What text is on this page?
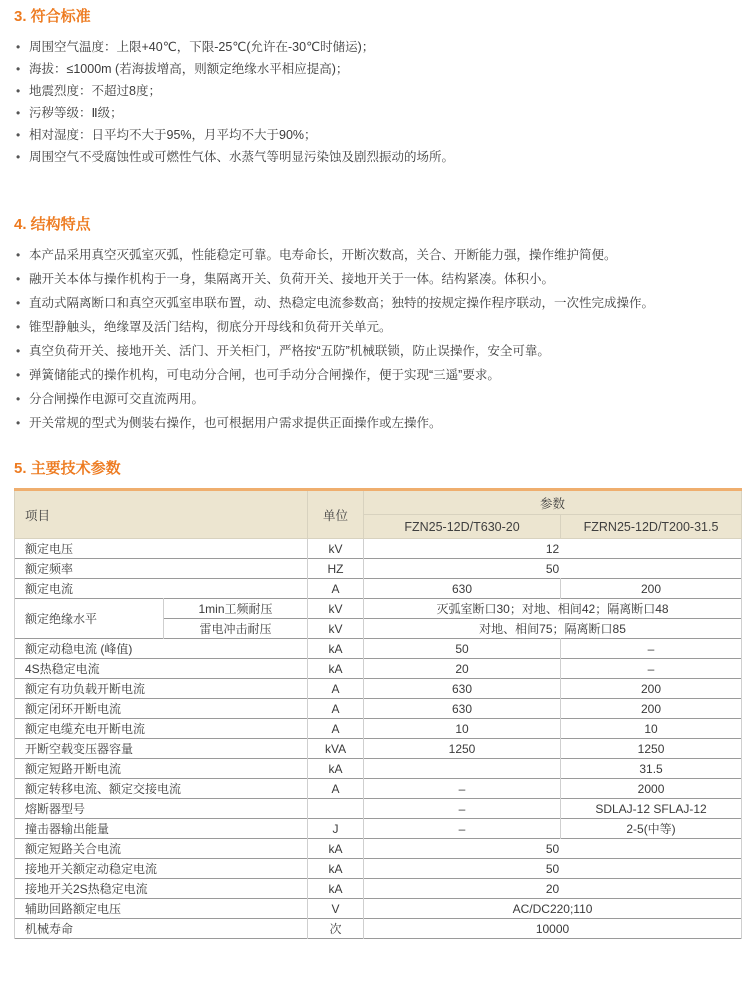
3. 符合标准
• 周围空气温度：上限+40℃，下限-25℃(允许在-30℃时储运)；
• 海拔：≤1000m (若海拔增高，则额定绝缘水平相应提高)；
• 地震烈度：不超过8度；
• 污秽等级：Ⅱ级；
• 相对湿度：日平均不大于95%，月平均不大于90%；
• 周围空气不受腐蚀性或可燃性气体、水蒸气等明显污染蚀及剧烈振动的场所。
4. 结构特点
• 本产品采用真空灭弧室灭弧，性能稳定可靠。电寿命长，开断次数高，关合、开断能力强，操作维护简便。
• 融开关本体与操作机构于一身，集隔离开关、负荷开关、接地开关于一体。结构紧凑。体积小。
• 直动式隔离断口和真空灭弧室串联布置，动、热稳定电流参数高；独特的按规定操作程序联动，一次性完成操作。
• 锥型静触头，绝缘罩及活门结构，彻底分开母线和负荷开关单元。
• 真空负荷开关、接地开关、活门、开关柜门，严格按“五防”机械联锁，防止误操作，安全可靠。
• 弹簧储能式的操作机构，可电动分合闸，也可手动分合闸操作，便于实现“三遥”要求。
• 分合闸操作电源可交直流两用。
• 开关常规的型式为侧装右操作，也可根据用户需求提供正面操作或左操作。
5. 主要技术参数
项目		单位	参数	
			FZN25-12D/T630-20	FZRN25-12D/T200-31.5
额定电压		kV	12	
额定频率		HZ	50	
额定电流		A	630	200
额定绝缘水平	1min工频耐压	kV	灭弧室断口30；对地、相间42；隔离断口48	
	雷电冲击耐压	kV	对地、相间75；隔离断口85	
额定动稳电流 (峰值)		kA	50	–
4S热稳定电流		kA	20	–
额定有功负载开断电流		A	630	200
额定闭环开断电流		A	630	200
额定电缆充电开断电流		A	10	10
开断空载变压器容量		kVA	1250	1250
额定短路开断电流		kA		31.5
额定转移电流、额定交接电流		A	–	2000
熔断器型号			–	SDLAJ-12 SFLAJ-12
撞击器输出能量		J	–	2-5(中等)
额定短路关合电流		kA	50	
接地开关额定动稳定电流		kA	50	
接地开关2S热稳定电流		kA	20	
辅助回路额定电压		V	AC/DC220;110	
机械寿命		次	10000	
